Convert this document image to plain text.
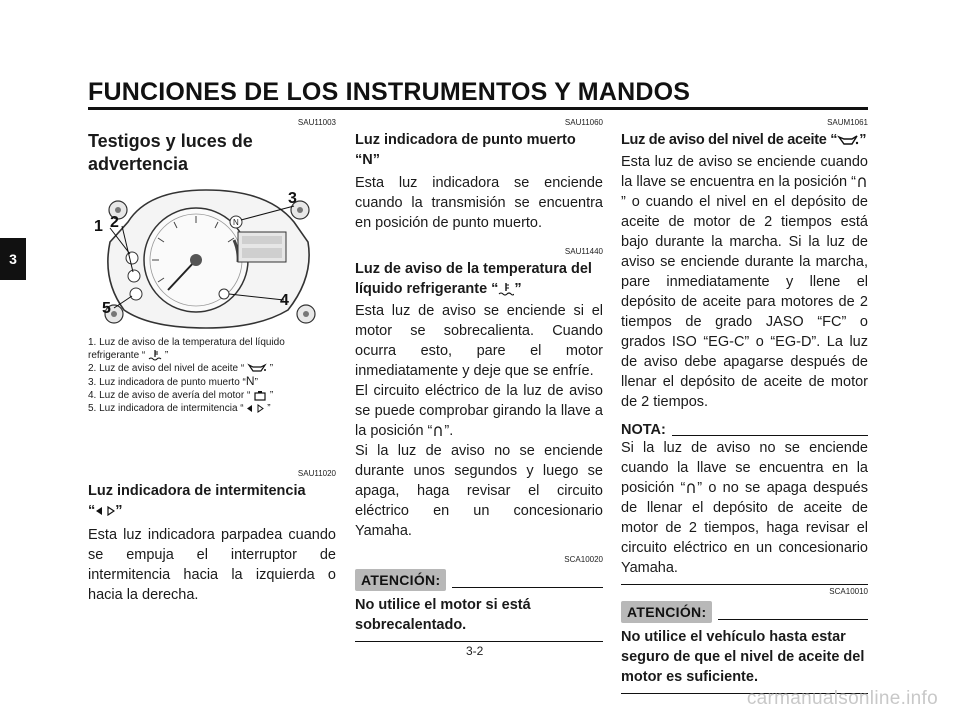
FUNCIONES DE LOS INSTRUMENTOS Y MANDOS
3
SAU11003
Testigos y luces de advertencia
N
1 2
3
4
5

1. Luz de aviso de la temperatura del líquido

refrigerante “ ”

2. Luz de aviso del nivel de aceite “	”

3. Luz indicadora de punto muerto “N”

4. Luz de aviso de avería del motor “ ”

5. Luz indicadora de intermitencia “ ”

SAU11020
Luz indicadora de intermitencia
“ ”

Esta luz indicadora parpadea cuando se empuja el interruptor de intermitencia hacia la izquierda o hacia la derecha.

SAU11060
Luz indicadora de punto muerto “N”

Esta luz indicadora se enciende cuando la transmisión se encuentra en posición de punto muerto.

SAU11440
Luz de aviso de la temperatura del
líquido refrigerante “ ”

Esta luz de aviso se enciende si el motor se sobrecalienta. Cuando ocurra esto, pare el motor inmediatamente y deje que se enfríe.

El circuito eléctrico de la luz de aviso se puede comprobar girando la llave a la posición “ ”.

Si la luz de aviso no se enciende durante unos segundos y luego se apaga, haga revisar el circuito eléctrico en un concesionario Yamaha.

SCA10020
ATENCIÓN:

No utilice el motor si está sobrecalentado.

SAUM1061
Luz de aviso del nivel de aceite “ ”

Esta luz de aviso se enciende cuando la llave se encuentra en la posición “” o cuando el nivel en el depósito de aceite de motor de 2 tiempos está bajo durante la marcha. Si la luz de aviso se enciende durante la marcha, pare inmediatamente y llene el depósito de aceite para motores de 2 tiempos de grado JASO “FC” o grados ISO “EG-C” o “EG-D”. La luz de aviso debe apagarse después de llenar el depósito de aceite de motor de 2 tiempos.

NOTA:

Si la luz de aviso no se enciende cuando la llave se encuentra en la posición “ ” o no se apaga después de llenar el depósito de aceite de motor de 2 tiempos, haga revisar el circuito eléctrico en un concesionario Yamaha.

SCA10010
ATENCIÓN:

No utilice el vehículo hasta estar seguro de que el nivel de aceite del motor es suficiente.

3-2
carmanualsonline.info
